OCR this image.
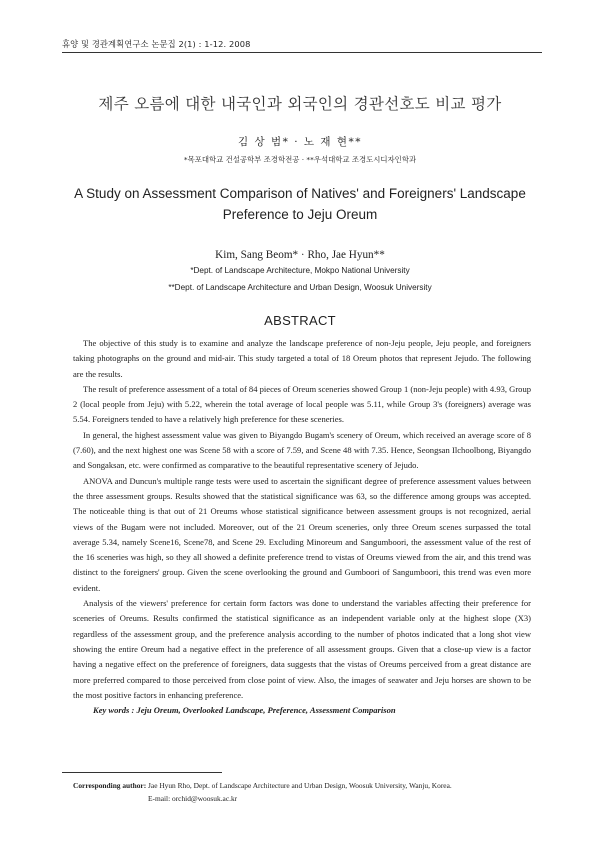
휴양 및 경관계획연구소 논문집 2(1) : 1-12. 2008
제주 오름에 대한 내국인과 외국인의 경관선호도 비교 평가
김 상 범* · 노 재 현**
*목포대학교 건설공학부 조경학전공 · **우석대학교 조경도시디자인학과
A Study on Assessment Comparison of Natives' and Foreigners' Landscape
Preference to Jeju Oreum
Kim, Sang Beom* · Rho, Jae Hyun**
*Dept. of Landscape Architecture, Mokpo National University
**Dept. of Landscape Architecture and Urban Design, Woosuk University
ABSTRACT

The objective of this study is to examine and analyze the landscape preference of non-Jeju people, Jeju people, and foreigners taking photographs on the ground and mid-air. This study targeted a total of 18 Oreum photos that represent Jejudo. The following are the results.

The result of preference assessment of a total of 84 pieces of Oreum sceneries showed Group 1 (non-Jeju people) with 4.93, Group 2 (local people from Jeju) with 5.22, wherein the total average of local people was 5.11, while Group 3's (foreigners) average was 5.54. Foreigners tended to have a relatively high preference for these sceneries.

In general, the highest assessment value was given to Biyangdo Bugam's scenery of Oreum, which received an average score of 8 (7.60), and the next highest one was Scene 58 with a score of 7.59, and Scene 48 with 7.35. Hence, Seongsan Ilchoolbong, Biyangdo and Songaksan, etc. were confirmed as comparative to the beautiful representative scenery of Jejudo.

ANOVA and Duncun's multiple range tests were used to ascertain the significant degree of preference assessment values between the three assessment groups. Results showed that the statistical significance was 63, so the difference among groups was accepted. The noticeable thing is that out of 21 Oreums whose statistical significance between assessment groups is not recognized, aerial views of the Bugam were not included. Moreover, out of the 21 Oreum sceneries, only three Oreum scenes surpassed the total average 5.34, namely Scene16, Scene78, and Scene 29. Excluding Minoreum and Sangumboori, the assessment value of the rest of the 16 sceneries was high, so they all showed a definite preference trend to vistas of Oreums viewed from the air, and this trend was distinct to the foreigners' group. Given the scene overlooking the ground and Gumboori of Sangumboori, this trend was even more evident.

Analysis of the viewers' preference for certain form factors was done to understand the variables affecting their preference for sceneries of Oreums. Results confirmed the statistical significance as an independent variable only at the highest slope (X3) regardless of the assessment group, and the preference analysis according to the number of photos indicated that a long shot view showing the entire Oreum had a negative effect in the preference of all assessment groups. Given that a close-up view is a factor having a negative effect on the preference of foreigners, data suggests that the vistas of Oreums perceived from a great distance are more preferred compared to those perceived from close point of view. Also, the images of seawater and Jeju horses are shown to be the most positive factors in enhancing preference.

Key words : Jeju Oreum, Overlooked Landscape, Preference, Assessment Comparison

Corresponding author: Jae Hyun Rho, Dept. of Landscape Architecture and Urban Design, Woosuk University, Wanju, Korea.
E-mail: orchid@woosuk.ac.kr
